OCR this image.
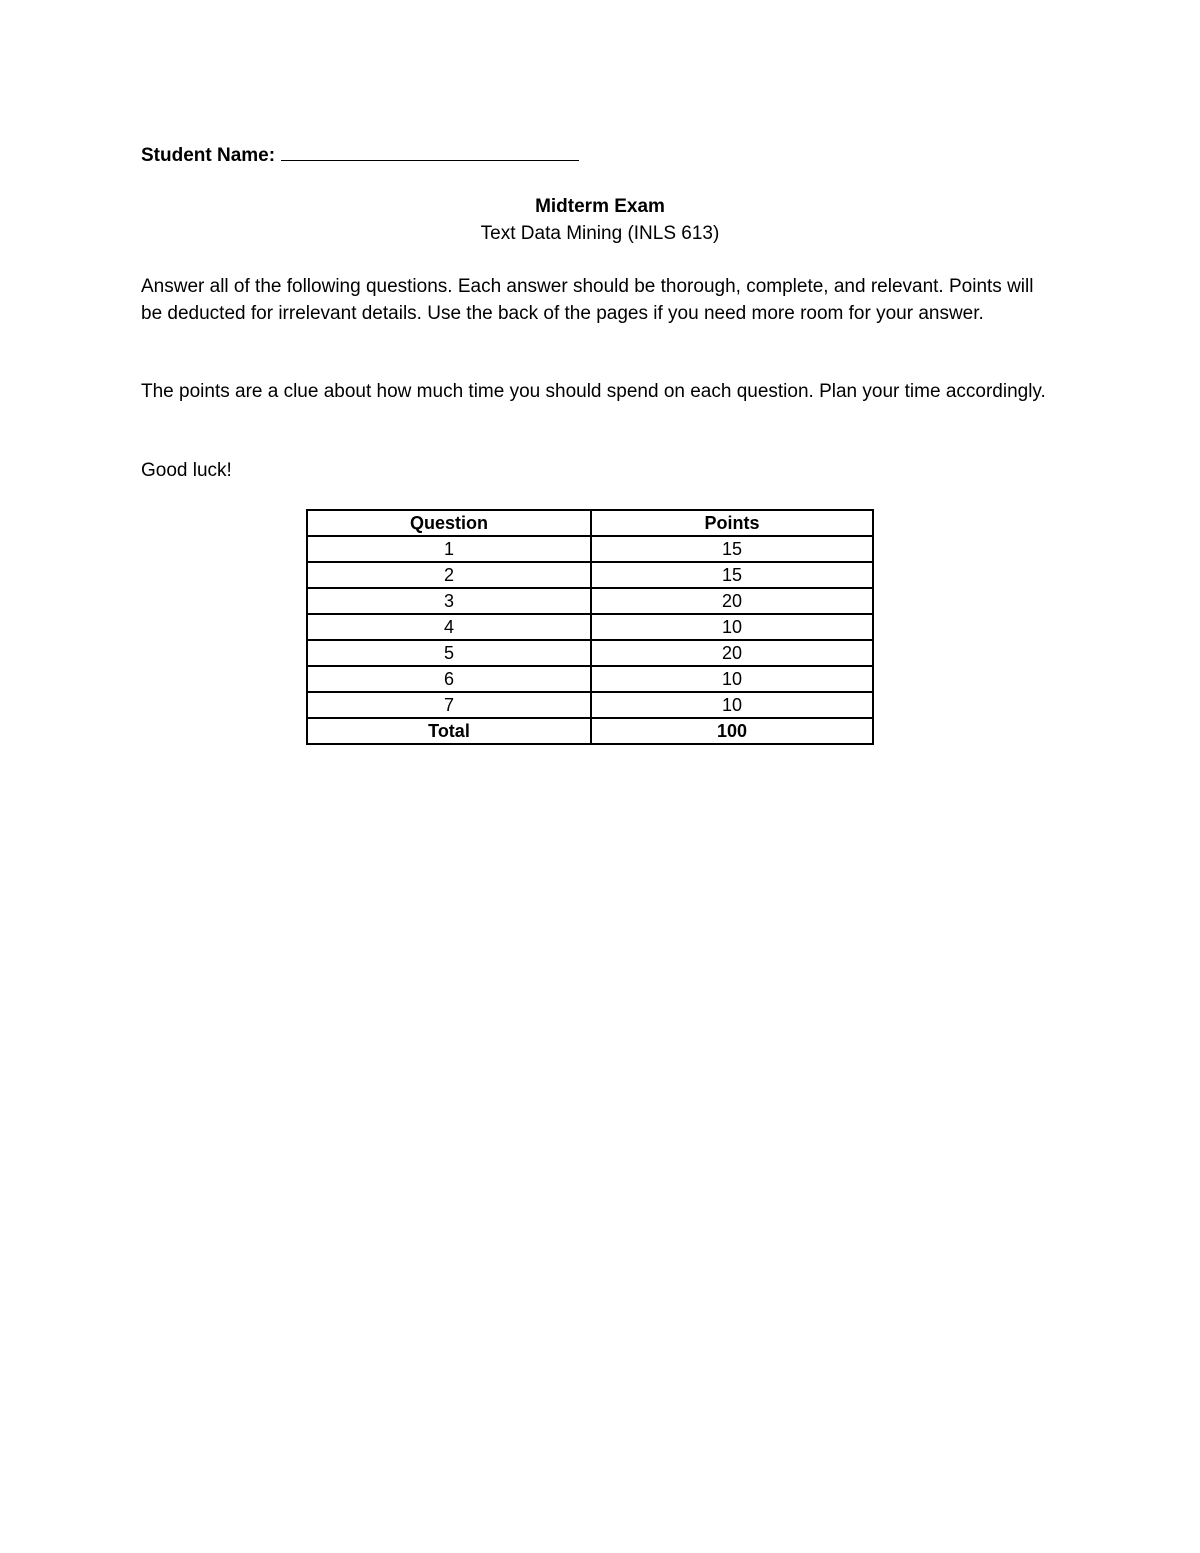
Student Name:
Midterm Exam
Text Data Mining (INLS 613)

Answer all of the following questions. Each answer should be thorough, complete, and relevant. Points will be deducted for irrelevant details. Use the back of the pages if you need more room for your answer.

The points are a clue about how much time you should spend on each question. Plan your time accordingly.

Good luck!

Question	Points
1	15
2	15
3	20
4	10
5	20
6	10
7	10
Total	100
